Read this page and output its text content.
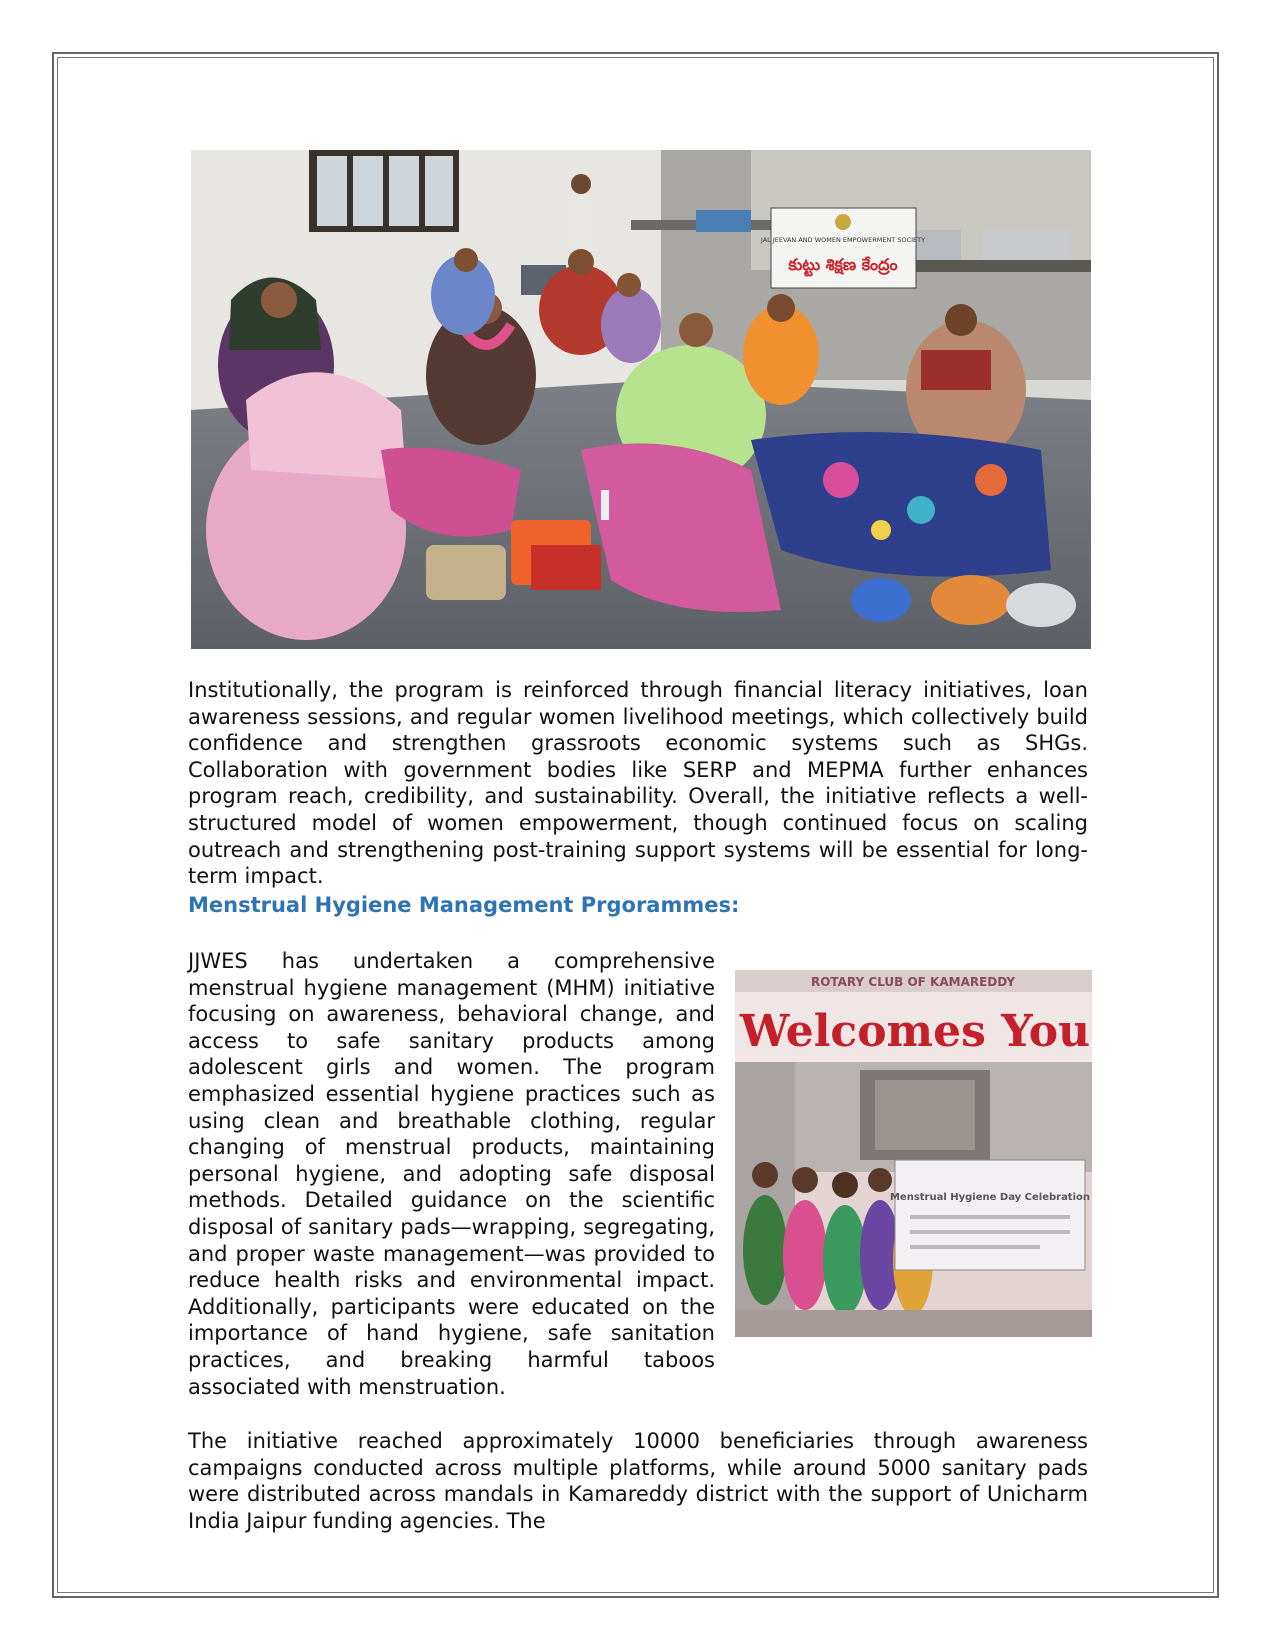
JAL JEEVAN AND WOMEN EMPOWERMENT SOCIETY
కుట్టు శిక్షణ కేంద్రం

Institutionally, the program is reinforced through financial literacy initiatives, loan awareness sessions, and regular women livelihood meetings, which collectively build confidence and strengthen grassroots economic systems such as SHGs. Collaboration with government bodies like SERP and MEPMA further enhances program reach, credibility, and sustainability. Overall, the initiative reflects a well-structured model of women empowerment, though continued focus on scaling outreach and strengthening post-training support systems will be essential for long-term impact.

Menstrual Hygiene Management Prgorammes:

JJWES has undertaken a comprehensive menstrual hygiene management (MHM) initiative focusing on awareness, behavioral change, and access to safe sanitary products among adolescent girls and women. The program emphasized essential hygiene practices such as using clean and breathable clothing, regular changing of menstrual products, maintaining personal hygiene, and adopting safe disposal methods. Detailed guidance on the scientific disposal of sanitary pads—wrapping, segregating, and proper waste management—was provided to reduce health risks and environmental impact. Additionally, participants were educated on the importance of hand hygiene, safe sanitation practices, and breaking harmful taboos associated with menstruation.

ROTARY CLUB OF KAMAREDDY
Welcomes You
Menstrual Hygiene Day Celebration

The initiative reached approximately 10000 beneficiaries through awareness campaigns conducted across multiple platforms, while around 5000 sanitary pads were distributed across mandals in Kamareddy district with the support of Unicharm India Jaipur funding agencies. The
